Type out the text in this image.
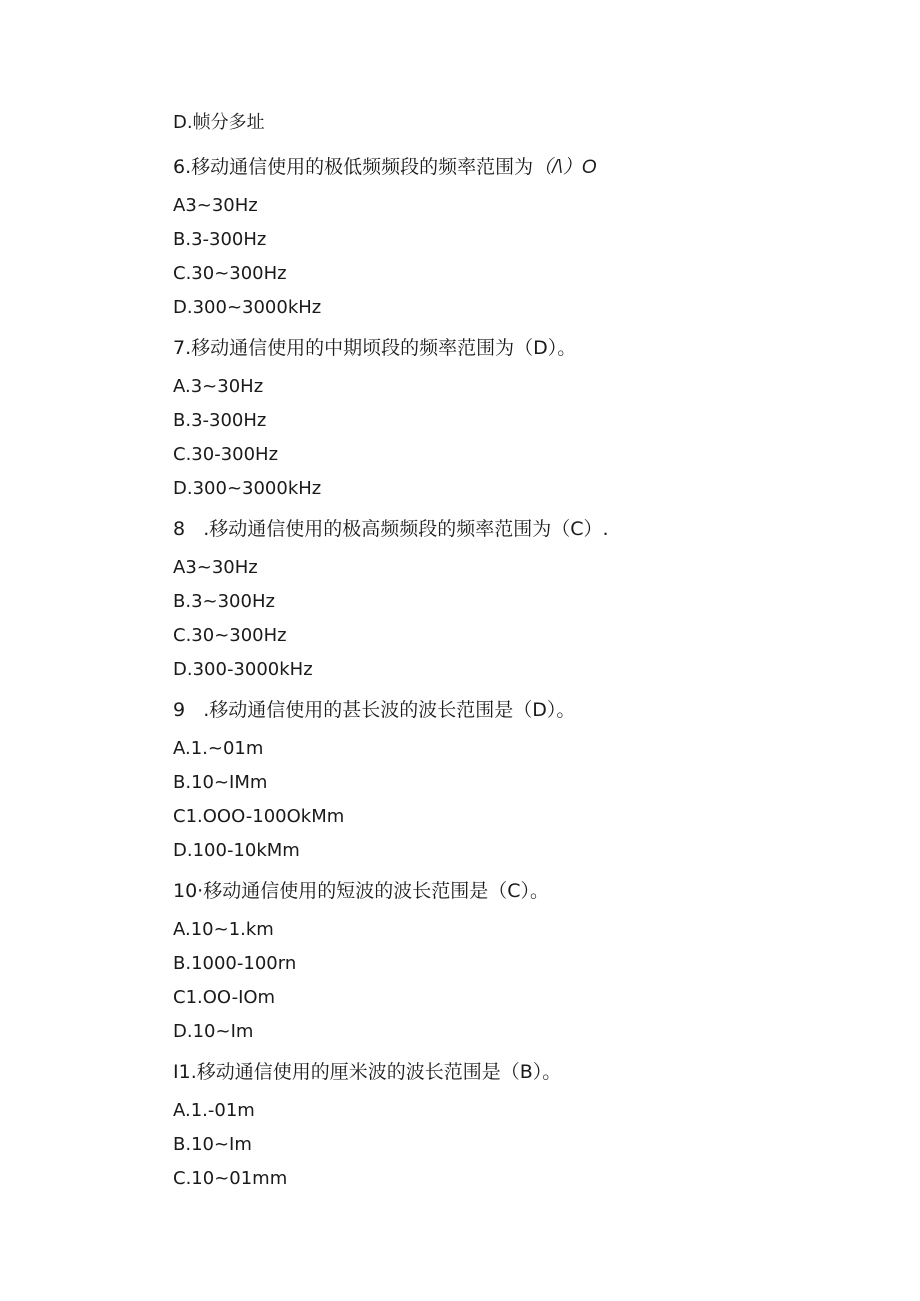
D.帧分多址
6.移动通信使用的极低频频段的频率范围为（/\）O
A3~30Hz
B.3-300Hz
C.30~300Hz
D.300~3000kHz
7.移动通信使用的中期顷段的频率范围为（D）。
A.3~30Hz
B.3-300Hz
C.30-300Hz
D.300~3000kHz
8   .移动通信使用的极高频频段的频率范围为（C）.
A3~30Hz
B.3~300Hz
C.30~300Hz
D.300-3000kHz
9   .移动通信使用的甚长波的波长范围是（D）。
A.1.~01m
B.10~IMm
C1.OOO-100OkMm
D.100-10kMm
10·移动通信使用的短波的波长范围是（C）。
A.10~1.km
B.1000-100rn
C1.OO-IOm
D.10~Im
I1.移动通信使用的厘米波的波长范围是（B）。
A.1.-01m
B.10~Im
C.10~01mm
